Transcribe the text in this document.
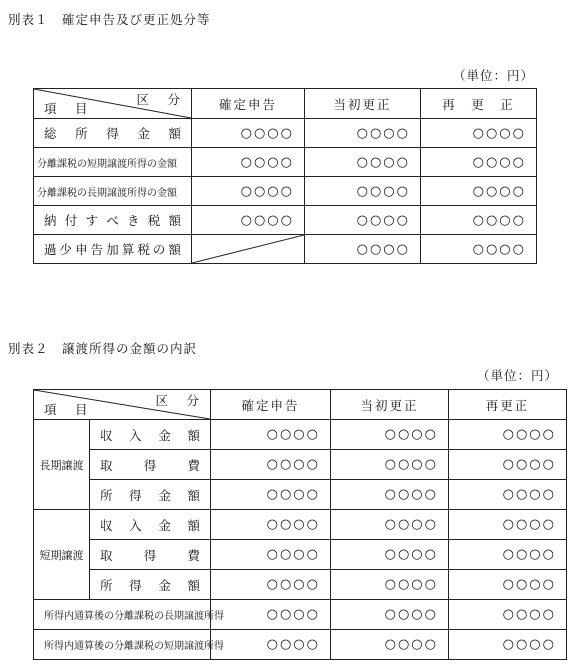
別表１　確定申告及び更正処分等
（単位：円）
区　分
項　目	確定申告	当初更正	再　更　正
総 所 得 金 額	○○○○	○○○○	○○○○
分離課税の短期譲渡所得の金額	○○○○	○○○○	○○○○
分離課税の長期譲渡所得の金額	○○○○	○○○○	○○○○
納 付 す べ き 税 額	○○○○	○○○○	○○○○
過少申告加算税の額		○○○○	○○○○
別表２　譲渡所得の金額の内訳
（単位：円）
区　分
項　目		確定申告	当初更正	再更正
長期譲渡	収 入 金 額	○○○○	○○○○	○○○○
	取 得 費	○○○○	○○○○	○○○○
	所 得 金 額	○○○○	○○○○	○○○○
短期譲渡	収 入 金 額	○○○○	○○○○	○○○○
	取 得 費	○○○○	○○○○	○○○○
	所 得 金 額	○○○○	○○○○	○○○○
所得内通算後の分離課税の長期譲渡所得		○○○○	○○○○	○○○○
所得内通算後の分離課税の短期譲渡所得		○○○○	○○○○	○○○○
